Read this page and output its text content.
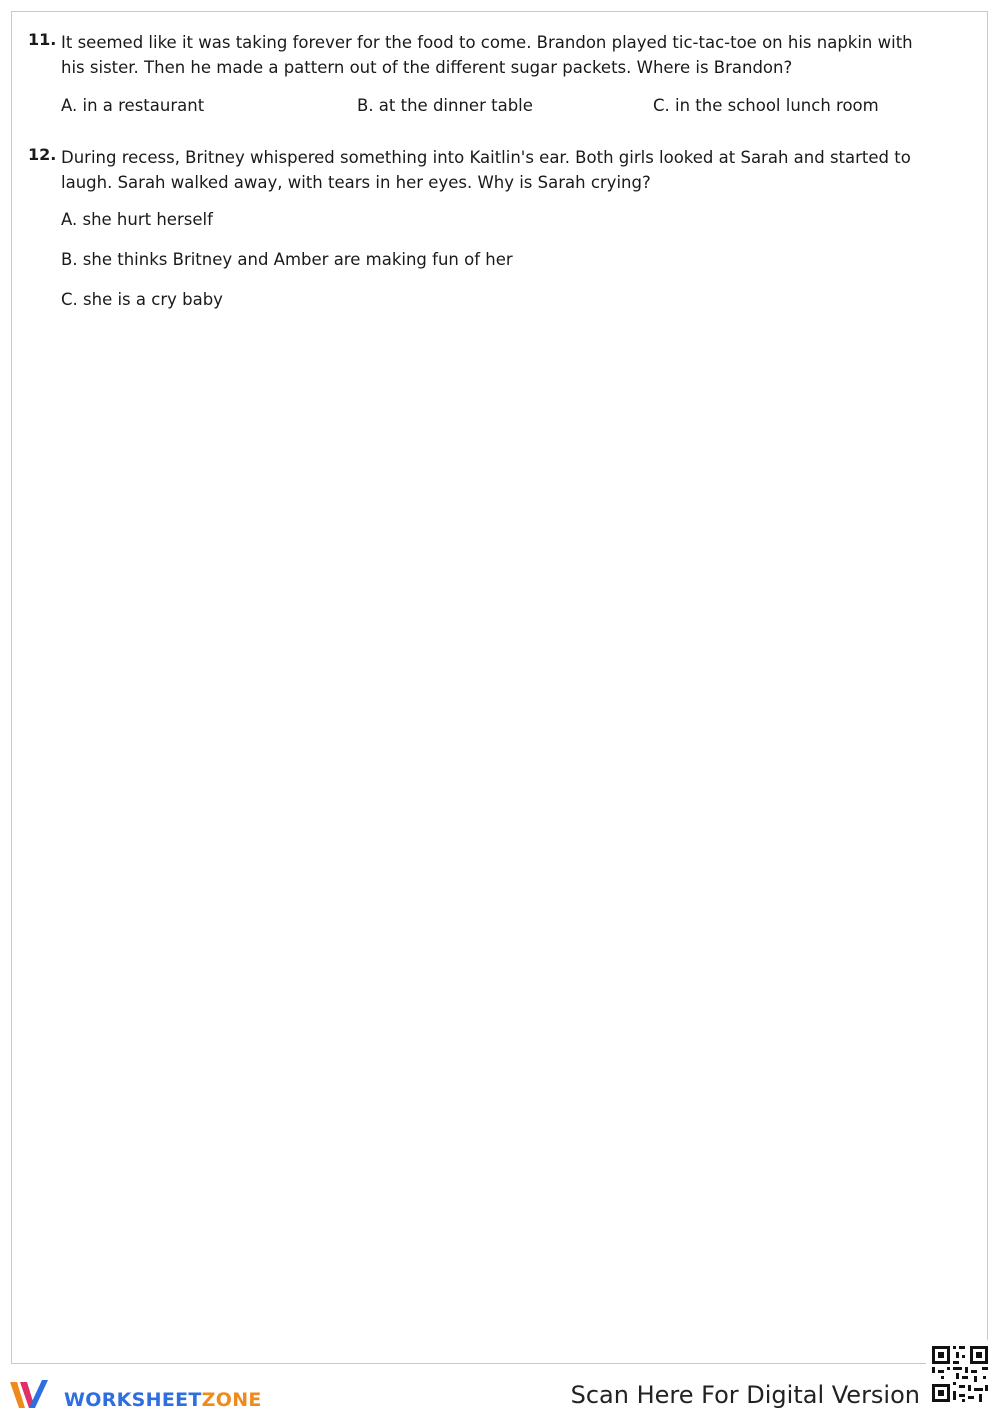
11. It seemed like it was taking forever for the food to come. Brandon played tic-tac-toe on his napkin with his sister. Then he made a pattern out of the different sugar packets. Where is Brandon?
A. in a restaurant	B. at the dinner table	C. in the school lunch room
12. During recess, Britney whispered something into Kaitlin's ear. Both girls looked at Sarah and started to laugh. Sarah walked away, with tears in her eyes. Why is Sarah crying?
A. she hurt herself
B. she thinks Britney and Amber are making fun of her
C. she is a cry baby
WORKSHEETZONE	Scan Here For Digital Version
